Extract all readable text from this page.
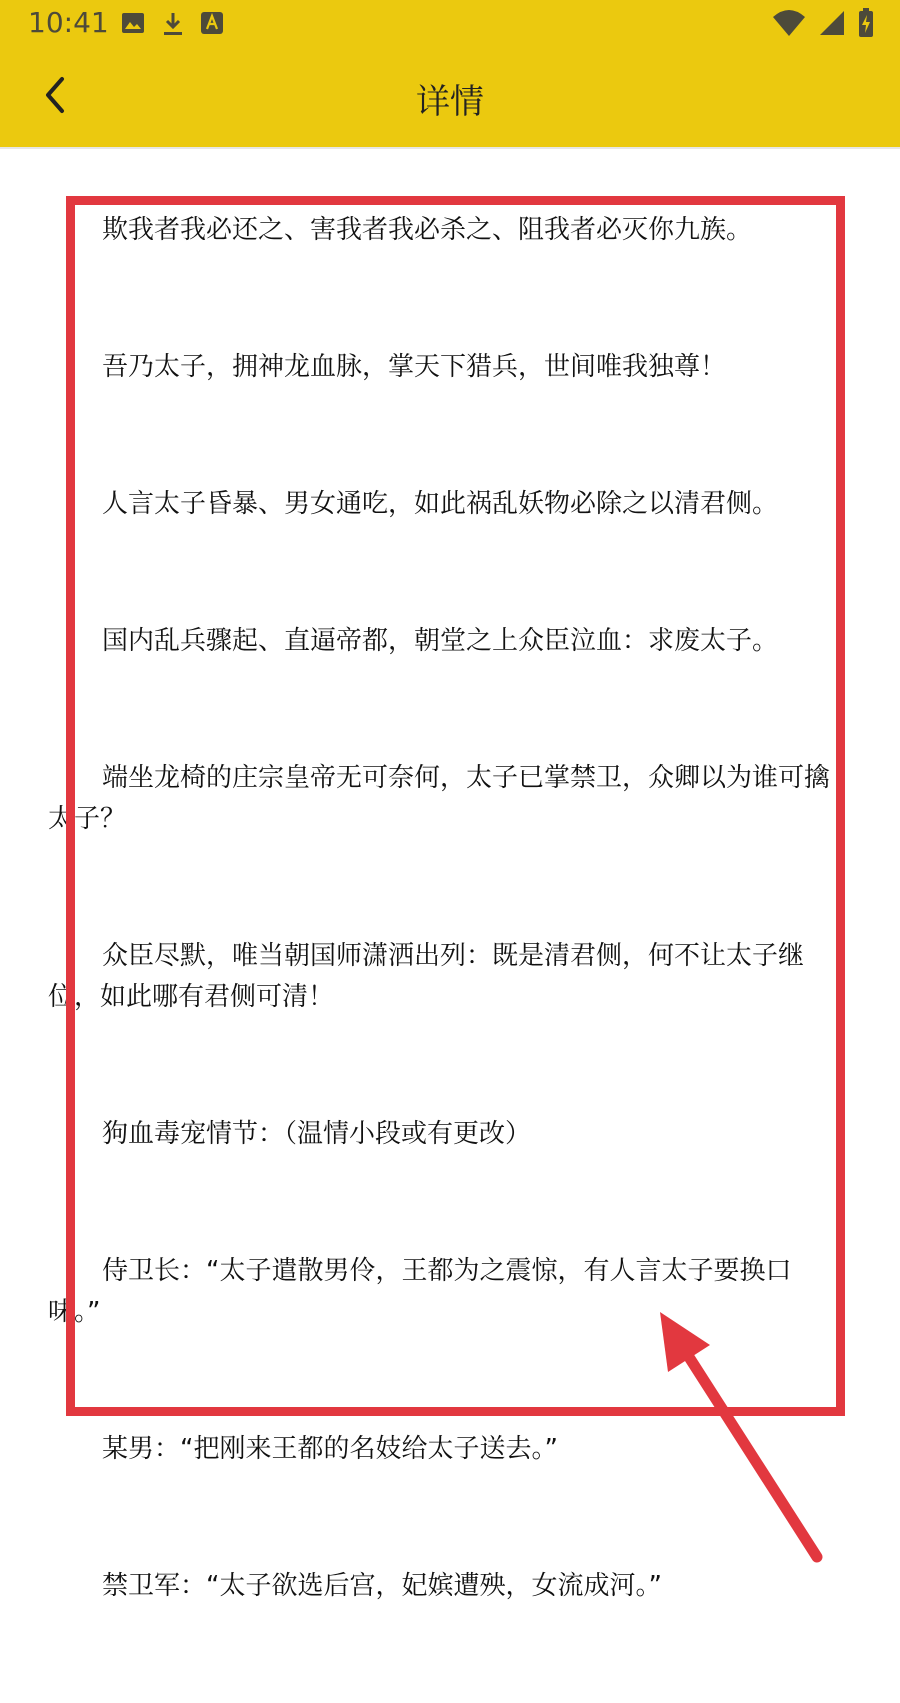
10:41
详情

欺我者我必还之、害我者我必杀之、阻我者必灭你九族。

吾乃太子，拥神龙血脉，掌天下猎兵，世间唯我独尊！

人言太子昏暴、男女通吃，如此祸乱妖物必除之以清君侧。

国内乱兵骤起、直逼帝都，朝堂之上众臣泣血：求废太子。

端坐龙椅的庄宗皇帝无可奈何，太子已掌禁卫，众卿以为谁可擒太子？

众臣尽默，唯当朝国师潇洒出列：既是清君侧，何不让太子继位，如此哪有君侧可清！

狗血毒宠情节：（温情小段或有更改）

侍卫长：“太子遣散男伶，王都为之震惊，有人言太子要换口味。”

某男：“把刚来王都的名妓给太子送去。”

禁卫军：“太子欲选后宫，妃嫔遭殃，女流成河。”
